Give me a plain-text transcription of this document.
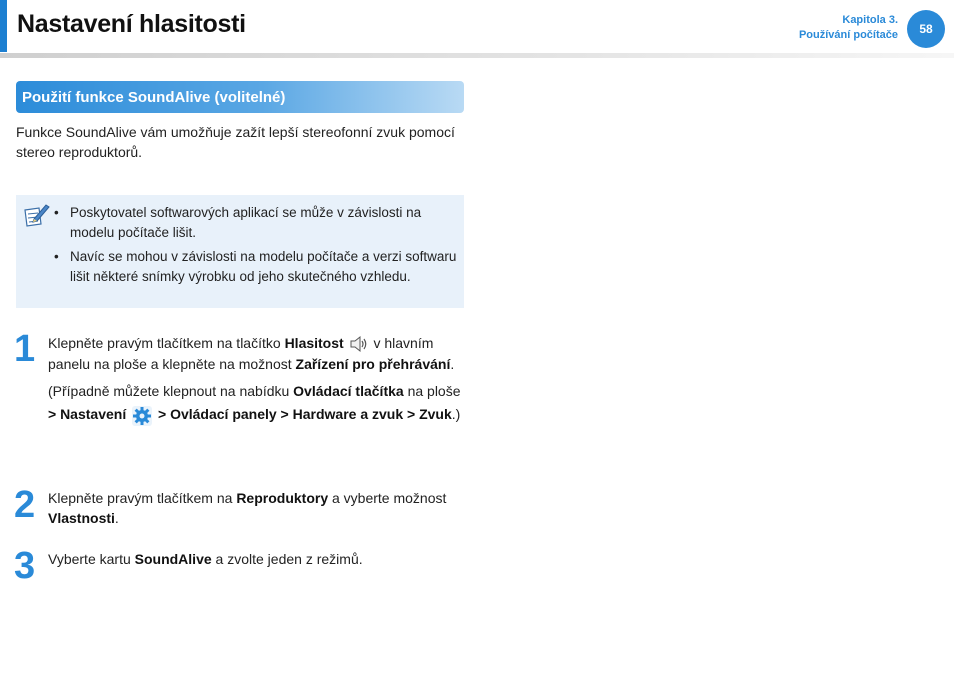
Nastavení hlasitosti	Kapitola 3.
Používání počítače	58
Použití funkce SoundAlive (volitelné)

Funkce SoundAlive vám umožňuje zažít lepší stereofonní zvuk pomocí stereo reproduktorů.

• Poskytovatel softwarových aplikací se může v závislosti na modelu počítače lišit.
• Navíc se mohou v závislosti na modelu počítače a verzi softwaru lišit některé snímky výrobku od jeho skutečného vzhledu.
1 Klepněte pravým tlačítkem na tlačítko Hlasitost  v hlavním panelu na ploše a klepněte na možnost Zařízení pro přehrávání.

(Případně můžete klepnout na nabídku Ovládací tlačítka na ploše > Nastavení  > Ovládací panely > Hardware a zvuk > Zvuk.)

2 Klepněte pravým tlačítkem na Reproduktory a vyberte možnost Vlastnosti.

3 Vyberte kartu SoundAlive a zvolte jeden z režimů.
